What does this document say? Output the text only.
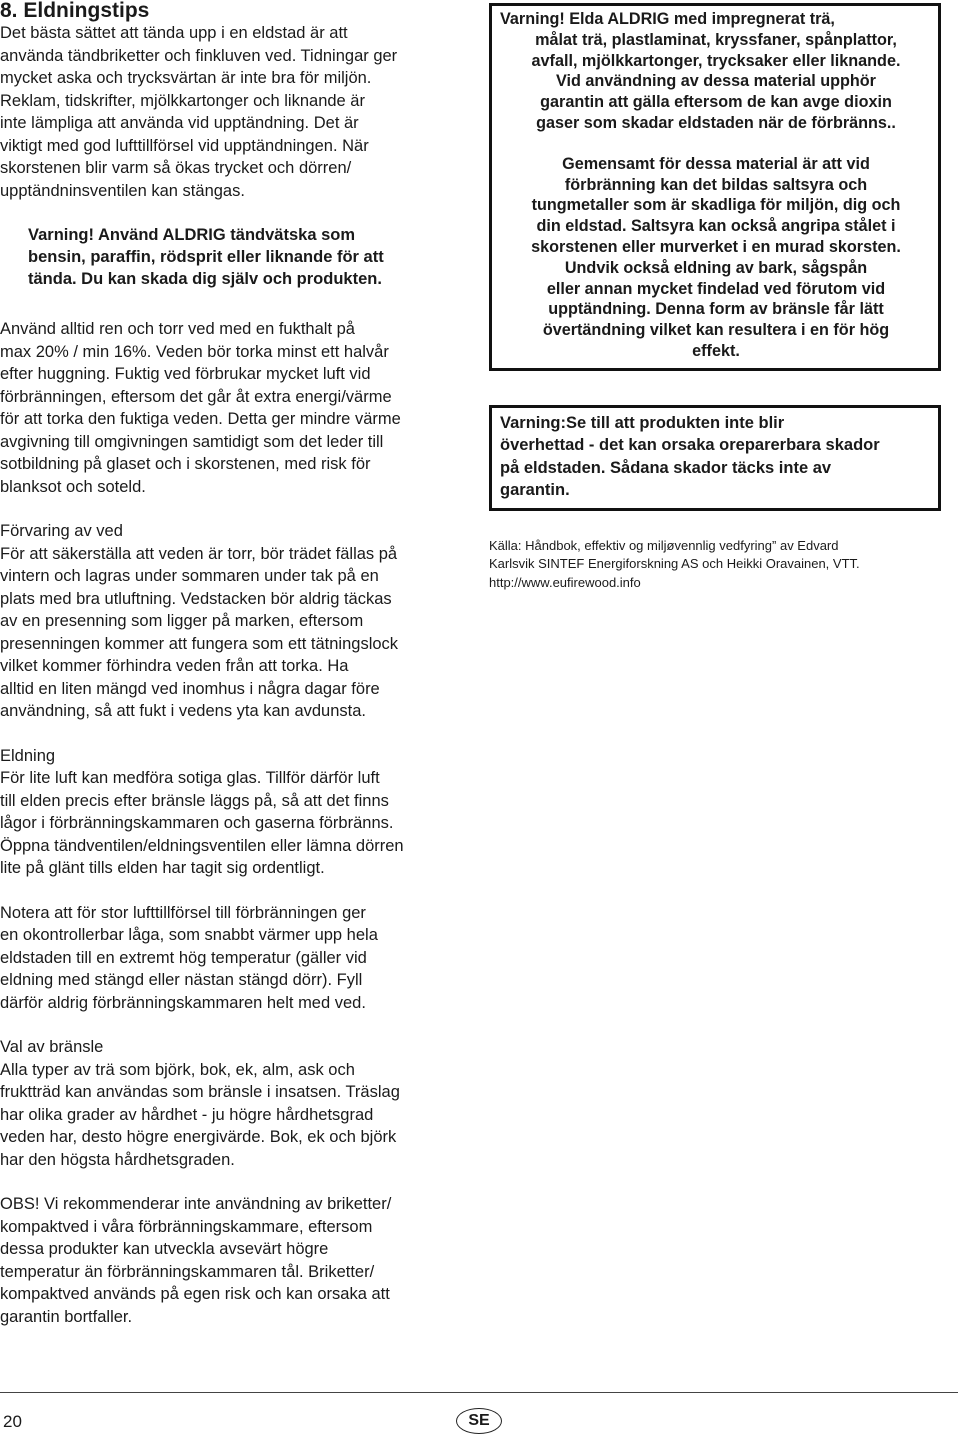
8. Eldningstips

Det bästa sättet att tända upp i en eldstad är att

använda tändbriketter och finkluven ved. Tidningar ger

mycket aska och trycksvärtan är inte bra för miljön.

Reklam, tidskrifter, mjölkkartonger och liknande är

inte lämpliga att använda vid upptändning. Det är

viktigt med god lufttillförsel vid upptändningen. När

skorstenen blir varm så ökas trycket och dörren/

upptändninsventilen kan stängas.

Varning! Använd ALDRIG tändvätska som
bensin, paraffin, rödsprit eller liknande för att
tända. Du kan skada dig själv och produkten.

Använd alltid ren och torr ved med en fukthalt på

max 20% / min 16%. Veden bör torka minst ett halvår

efter huggning. Fuktig ved förbrukar mycket luft vid

förbränningen, eftersom det går åt extra energi/värme

för att torka den fuktiga veden. Detta ger mindre värme

avgivning till omgivningen samtidigt som det leder till

sotbildning på glaset och i skorstenen, med risk för

blanksot och soteld.

Förvaring av ved

För att säkerställa att veden är torr, bör trädet fällas på

vintern och lagras under sommaren under tak på en

plats med bra utluftning. Vedstacken bör aldrig täckas

av en presenning som ligger på marken, eftersom

presenningen kommer att fungera som ett tätningslock

vilket kommer förhindra veden från att torka. Ha

alltid en liten mängd ved inomhus i några dagar före

användning, så att fukt i vedens yta kan avdunsta.

Eldning

För lite luft kan medföra sotiga glas. Tillför därför luft

till elden precis efter bränsle läggs på, så att det finns

lågor i förbränningskammaren och gaserna förbränns.

Öppna tändventilen/eldningsventilen eller lämna dörren

lite på glänt tills elden har tagit sig ordentligt.

Notera att för stor lufttillförsel till förbränningen ger

en okontrollerbar låga, som snabbt värmer upp hela

eldstaden till en extremt hög temperatur (gäller vid

eldning med stängd eller nästan stängd dörr). Fyll

därför aldrig förbränningskammaren helt med ved.

Val av bränsle

Alla typer av trä som björk, bok, ek, alm, ask och

fruktträd kan användas som bränsle i insatsen. Träslag

har olika grader av hårdhet - ju högre hårdhetsgrad

veden har, desto högre energivärde. Bok, ek och björk

har den högsta hårdhetsgraden.

OBS! Vi rekommenderar inte användning av briketter/

kompaktved i våra förbränningskammare, eftersom

dessa produkter kan utveckla avsevärt högre

temperatur än förbränningskammaren tål. Briketter/

kompaktved används på egen risk och kan orsaka att

garantin bortfaller.

Varning! Elda ALDRIG med impregnerat trä,
målat trä, plastlaminat, kryssfaner, spånplattor,
avfall, mjölkkartonger, trycksaker eller liknande.
Vid användning av dessa material upphör
garantin att gälla eftersom de kan avge dioxin
gaser som skadar eldstaden när de förbränns..
Gemensamt för dessa material är att vid
förbränning kan det bildas saltsyra och
tungmetaller som är skadliga för miljön, dig och
din eldstad. Saltsyra kan också angripa stålet i
skorstenen eller murverket i en murad skorsten.
Undvik också eldning av bark, sågspån
eller annan mycket findelad ved förutom vid
upptändning. Denna form av bränsle får lätt
övertändning vilket kan resultera i en för hög
effekt.
Varning:Se till att produkten inte blir
överhettad - det kan orsaka oreparerbara skador
på eldstaden. Sådana skador täcks inte av
garantin.
Källa: Håndbok, effektiv og miljøvennlig vedfyring” av Edvard
Karlsvik SINTEF Energiforskning AS och Heikki Oravainen, VTT.
http://www.eufirewood.info
20	SE
